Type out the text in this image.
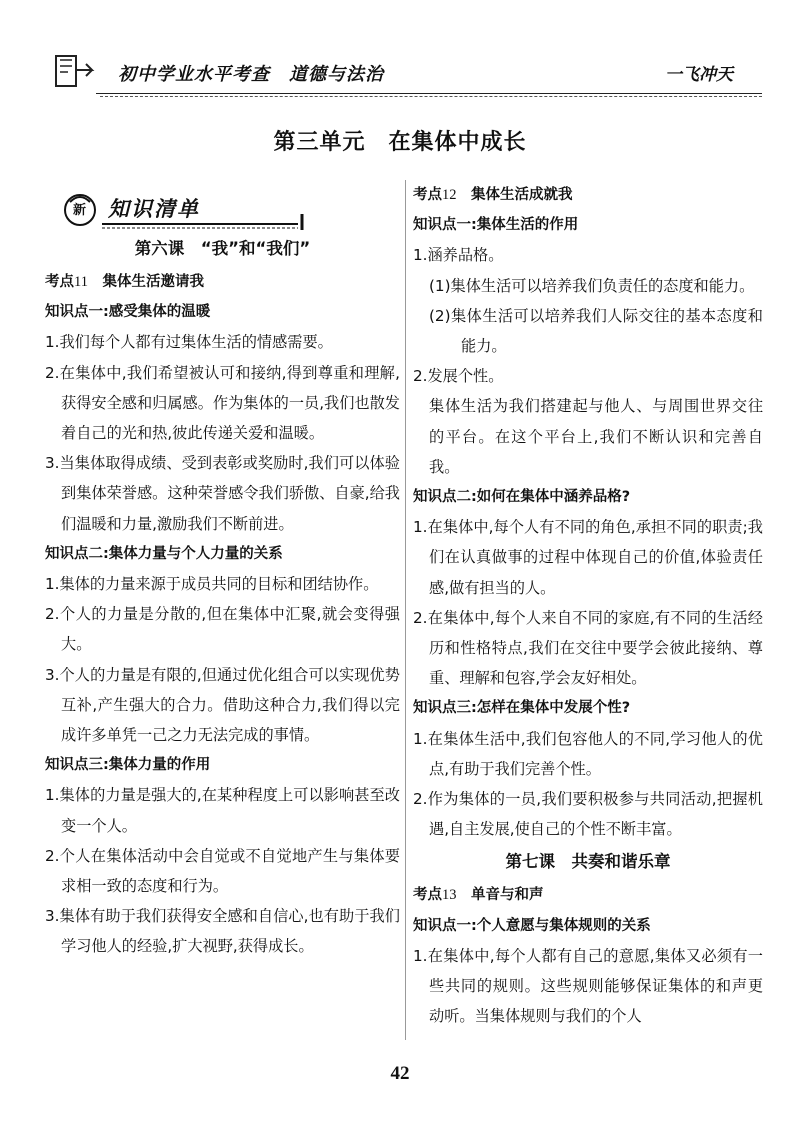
初中学业水平考查　道德与法治	一飞冲天
第三单元　在集体中成长
新 知识清单
第六课　“我”和“我们”

考点11　 集体生活邀请我

知识点一:感受集体的温暖

1.我们每个人都有过集体生活的情感需要。

2.在集体中,我们希望被认可和接纳,得到尊重和理解,获得安全感和归属感。作为集体的一员,我们也散发着自己的光和热,彼此传递关爱和温暖。

3.当集体取得成绩、受到表彰或奖励时,我们可以体验到集体荣誉感。这种荣誉感令我们骄傲、自豪,给我们温暖和力量,激励我们不断前进。

知识点二:集体力量与个人力量的关系

1.集体的力量来源于成员共同的目标和团结协作。

2.个人的力量是分散的,但在集体中汇聚,就会变得强大。

3.个人的力量是有限的,但通过优化组合可以实现优势互补,产生强大的合力。借助这种合力,我们得以完成许多单凭一己之力无法完成的事情。

知识点三:集体力量的作用

1.集体的力量是强大的,在某种程度上可以影响甚至改变一个人。

2.个人在集体活动中会自觉或不自觉地产生与集体要求相一致的态度和行为。

3.集体有助于我们获得安全感和自信心,也有助于我们学习他人的经验,扩大视野,获得成长。

考点12　 集体生活成就我

知识点一:集体生活的作用

1.涵养品格。

(1)集体生活可以培养我们负责任的态度和能力。

(2)集体生活可以培养我们人际交往的基本态度和能力。

2.发展个性。

集体生活为我们搭建起与他人、与周围世界交往的平台。在这个平台上,我们不断认识和完善自我。

知识点二:如何在集体中涵养品格?

1.在集体中,每个人有不同的角色,承担不同的职责;我们在认真做事的过程中体现自己的价值,体验责任感,做有担当的人。

2.在集体中,每个人来自不同的家庭,有不同的生活经历和性格特点,我们在交往中要学会彼此接纳、尊重、理解和包容,学会友好相处。

知识点三:怎样在集体中发展个性?

1.在集体生活中,我们包容他人的不同,学习他人的优点,有助于我们完善个性。

2.作为集体的一员,我们要积极参与共同活动,把握机遇,自主发展,使自己的个性不断丰富。

第七课　共奏和谐乐章

考点13　 单音与和声

知识点一:个人意愿与集体规则的关系

1.在集体中,每个人都有自己的意愿,集体又必须有一些共同的规则。这些规则能够保证集体的和声更动听。当集体规则与我们的个人

42
